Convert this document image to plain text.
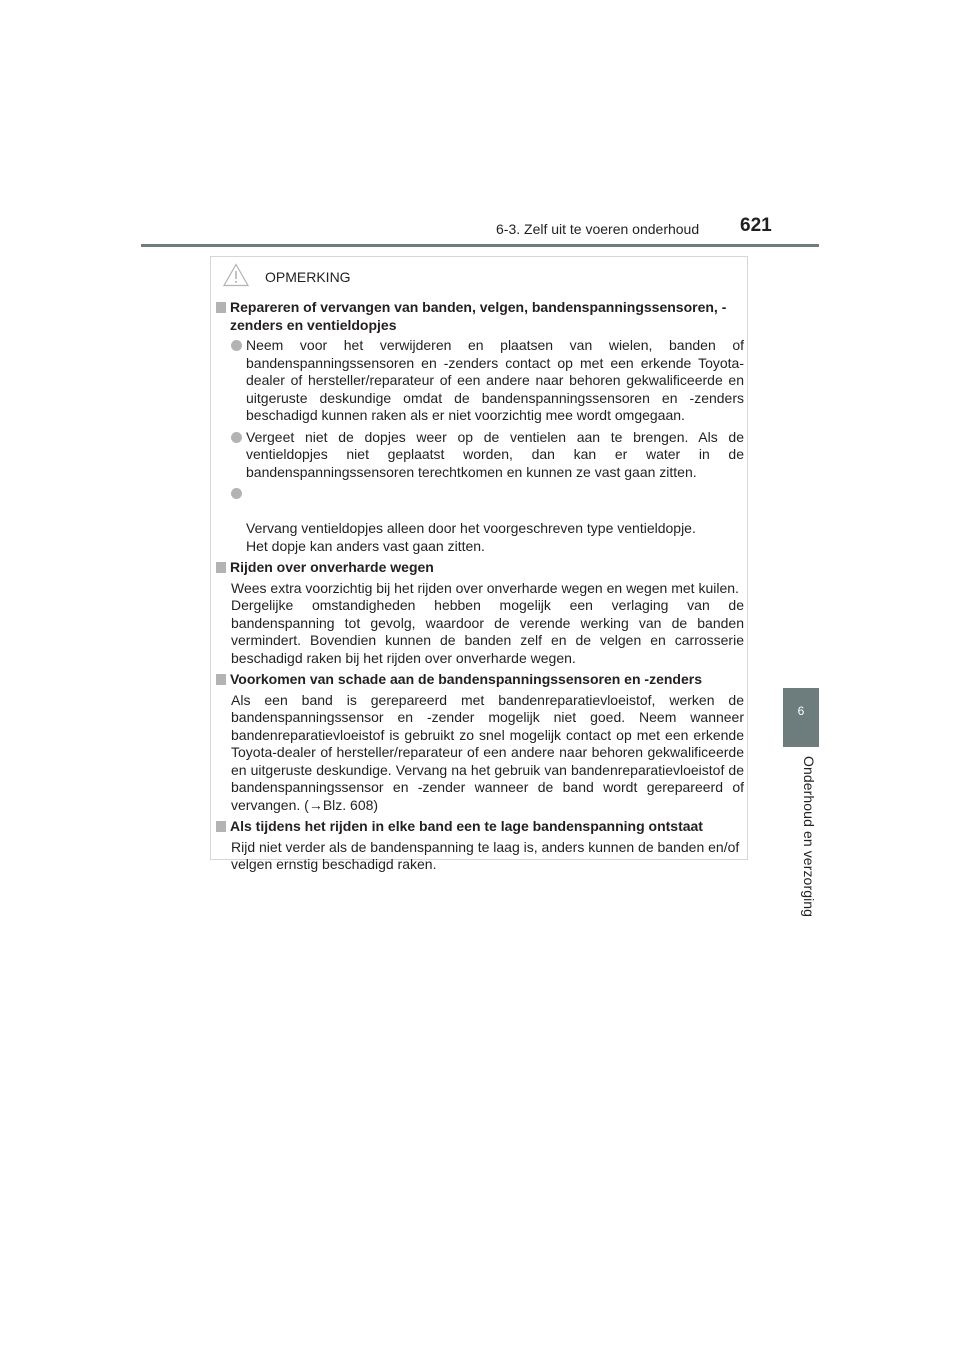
6-3. Zelf uit te voeren onderhoud 621
6
Onderhoud en verzorging
OPMERKING
Repareren of vervangen van banden, velgen, bandenspanningssensoren, -zenders en ventieldopjes
Neem voor het verwijderen en plaatsen van wielen, banden of bandenspanningssensoren en -zenders contact op met een erkende Toyota-dealer of hersteller/reparateur of een andere naar behoren gekwalificeerde en uitgeruste deskundige omdat de bandenspanningssensoren en -zenders beschadigd kunnen raken als er niet voorzichtig mee wordt omgegaan.
Vergeet niet de dopjes weer op de ventielen aan te brengen. Als de ventieldopjes niet geplaatst worden, dan kan er water in de bandenspanningssensoren terechtkomen en kunnen ze vast gaan zitten.

Vervang ventieldopjes alleen door het voorgeschreven type ventieldopje.
Het dopje kan anders vast gaan zitten.

Rijden over onverharde wegen

Wees extra voorzichtig bij het rijden over onverharde wegen en wegen met kuilen.

Dergelijke omstandigheden hebben mogelijk een verlaging van de bandenspanning tot gevolg, waardoor de verende werking van de banden vermindert. Bovendien kunnen de banden zelf en de velgen en carrosserie beschadigd raken bij het rijden over onverharde wegen.

Voorkomen van schade aan de bandenspanningssensoren en -zenders

Als een band is gerepareerd met bandenreparatievloeistof, werken de bandenspanningssensor en -zender mogelijk niet goed. Neem wanneer bandenreparatievloeistof is gebruikt zo snel mogelijk contact op met een erkende Toyota-dealer of hersteller/reparateur of een andere naar behoren gekwalificeerde en uitgeruste deskundige. Vervang na het gebruik van bandenreparatievloeistof de bandenspanningssensor en -zender wanneer de band wordt gerepareerd of vervangen. (→Blz. 608)

Als tijdens het rijden in elke band een te lage bandenspanning ontstaat

Rijd niet verder als de bandenspanning te laag is, anders kunnen de banden en/of velgen ernstig beschadigd raken.
